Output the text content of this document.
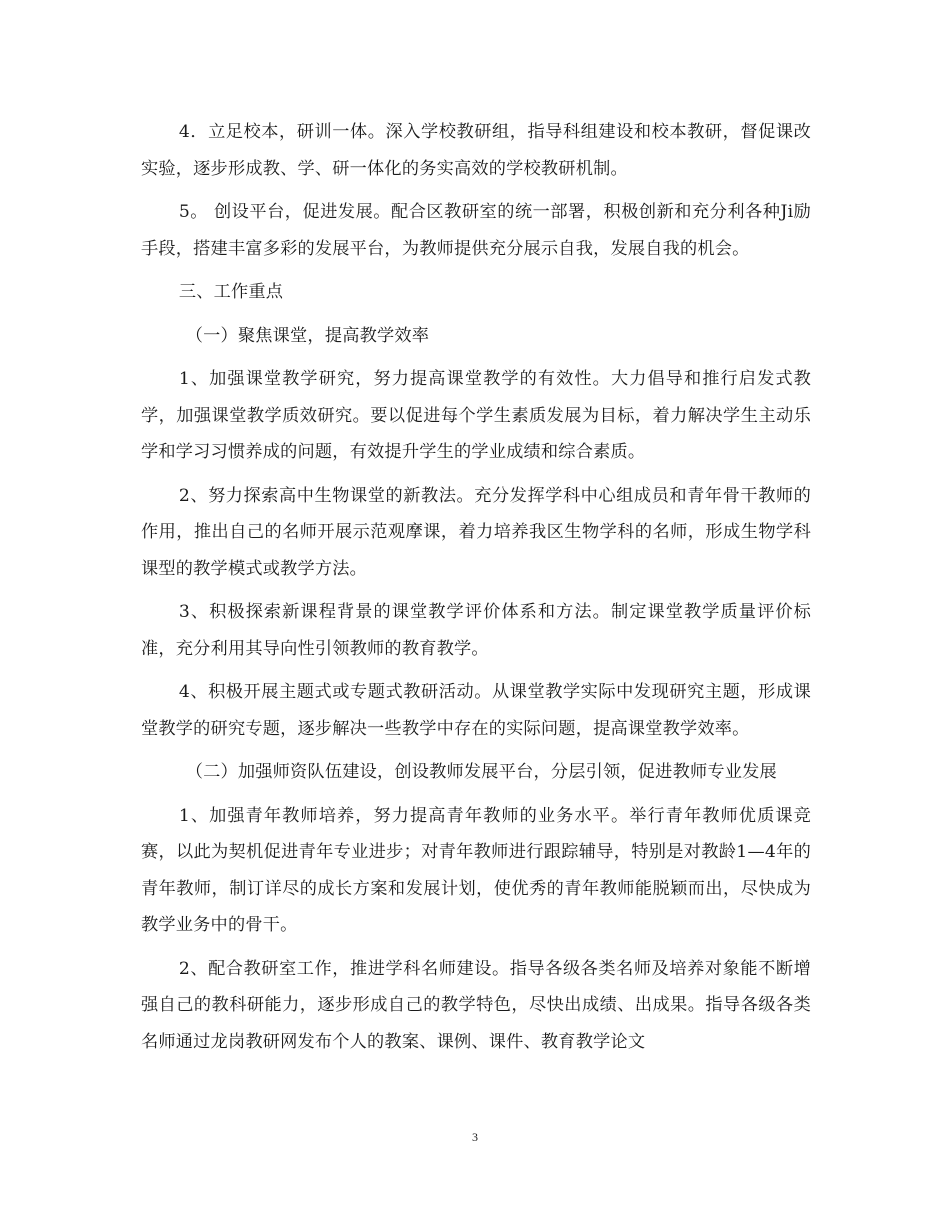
4．立足校本，研训一体。深入学校教研组，指导科组建设和校本教研，督促课改实验，逐步形成教、学、研一体化的务实高效的学校教研机制。

5。 创设平台，促进发展。配合区教研室的统一部署，积极创新和充分利各种Ji励手段，搭建丰富多彩的发展平台，为教师提供充分展示自我，发展自我的机会。

三、工作重点

（一）聚焦课堂，提高教学效率

1、加强课堂教学研究，努力提高课堂教学的有效性。大力倡导和推行启发式教学，加强课堂教学质效研究。要以促进每个学生素质发展为目标，着力解决学生主动乐学和学习习惯养成的问题，有效提升学生的学业成绩和综合素质。

2、努力探索高中生物课堂的新教法。充分发挥学科中心组成员和青年骨干教师的作用，推出自己的名师开展示范观摩课，着力培养我区生物学科的名师，形成生物学科课型的教学模式或教学方法。

3、积极探索新课程背景的课堂教学评价体系和方法。制定课堂教学质量评价标准，充分利用其导向性引领教师的教育教学。

4、积极开展主题式或专题式教研活动。从课堂教学实际中发现研究主题，形成课堂教学的研究专题，逐步解决一些教学中存在的实际问题，提高课堂教学效率。

（二）加强师资队伍建设，创设教师发展平台，分层引领，促进教师专业发展

1、加强青年教师培养，努力提高青年教师的业务水平。举行青年教师优质课竞赛，以此为契机促进青年专业进步；对青年教师进行跟踪辅导，特别是对教龄1—4年的青年教师，制订详尽的成长方案和发展计划，使优秀的青年教师能脱颖而出，尽快成为教学业务中的骨干。

2、配合教研室工作，推进学科名师建设。指导各级各类名师及培养对象能不断增强自己的教科研能力，逐步形成自己的教学特色，尽快出成绩、出成果。指导各级各类名师通过龙岗教研网发布个人的教案、课例、课件、教育教学论文

3
